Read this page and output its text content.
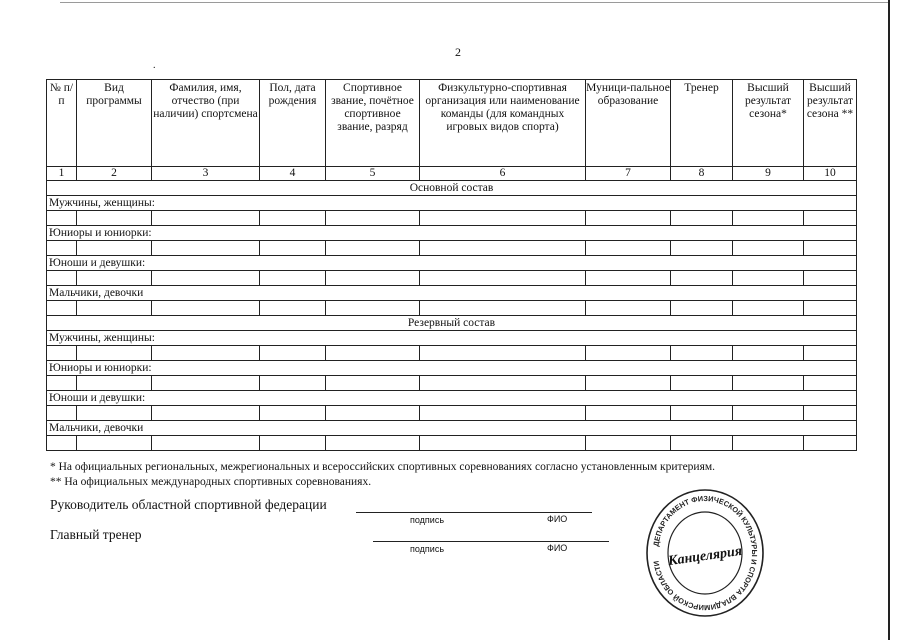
2
.
№ п/п	Вид программы	Фамилия, имя, отчество (при наличии) спортсмена	Пол, дата рождения	Спортивное звание, почётное спортивное звание, разряд	Физкультурно-спортивная организация или наименование команды (для командных игровых видов спорта)	Муници-пальное образование	Тренер	Высший результат сезона*	Высший результат сезона **
1	2	3	4	5	6	7	8	9	10
Основной состав									
Мужчины, женщины:									

Юниоры и юниорки:									

Юноши и девушки:									

Мальчики, девочки									

Резервный состав									
Мужчины, женщины:									

Юниоры и юниорки:									

Юноши и девушки:									

Мальчики, девочки									

* На официальных региональных, межрегиональных и всероссийских спортивных соревнованиях согласно установленным критериям.
** На официальных международных спортивных соревнованиях.
Руководитель областной спортивной федерации
подпись	ФИО
Главный тренер
подпись	ФИО	ДЕПАРТАМЕНТ ФИЗИЧЕСКОЙ КУЛЬТУРЫ И СПОРТА ВЛАДИМИРСКОЙ ОБЛАСТИ Канцелярия
